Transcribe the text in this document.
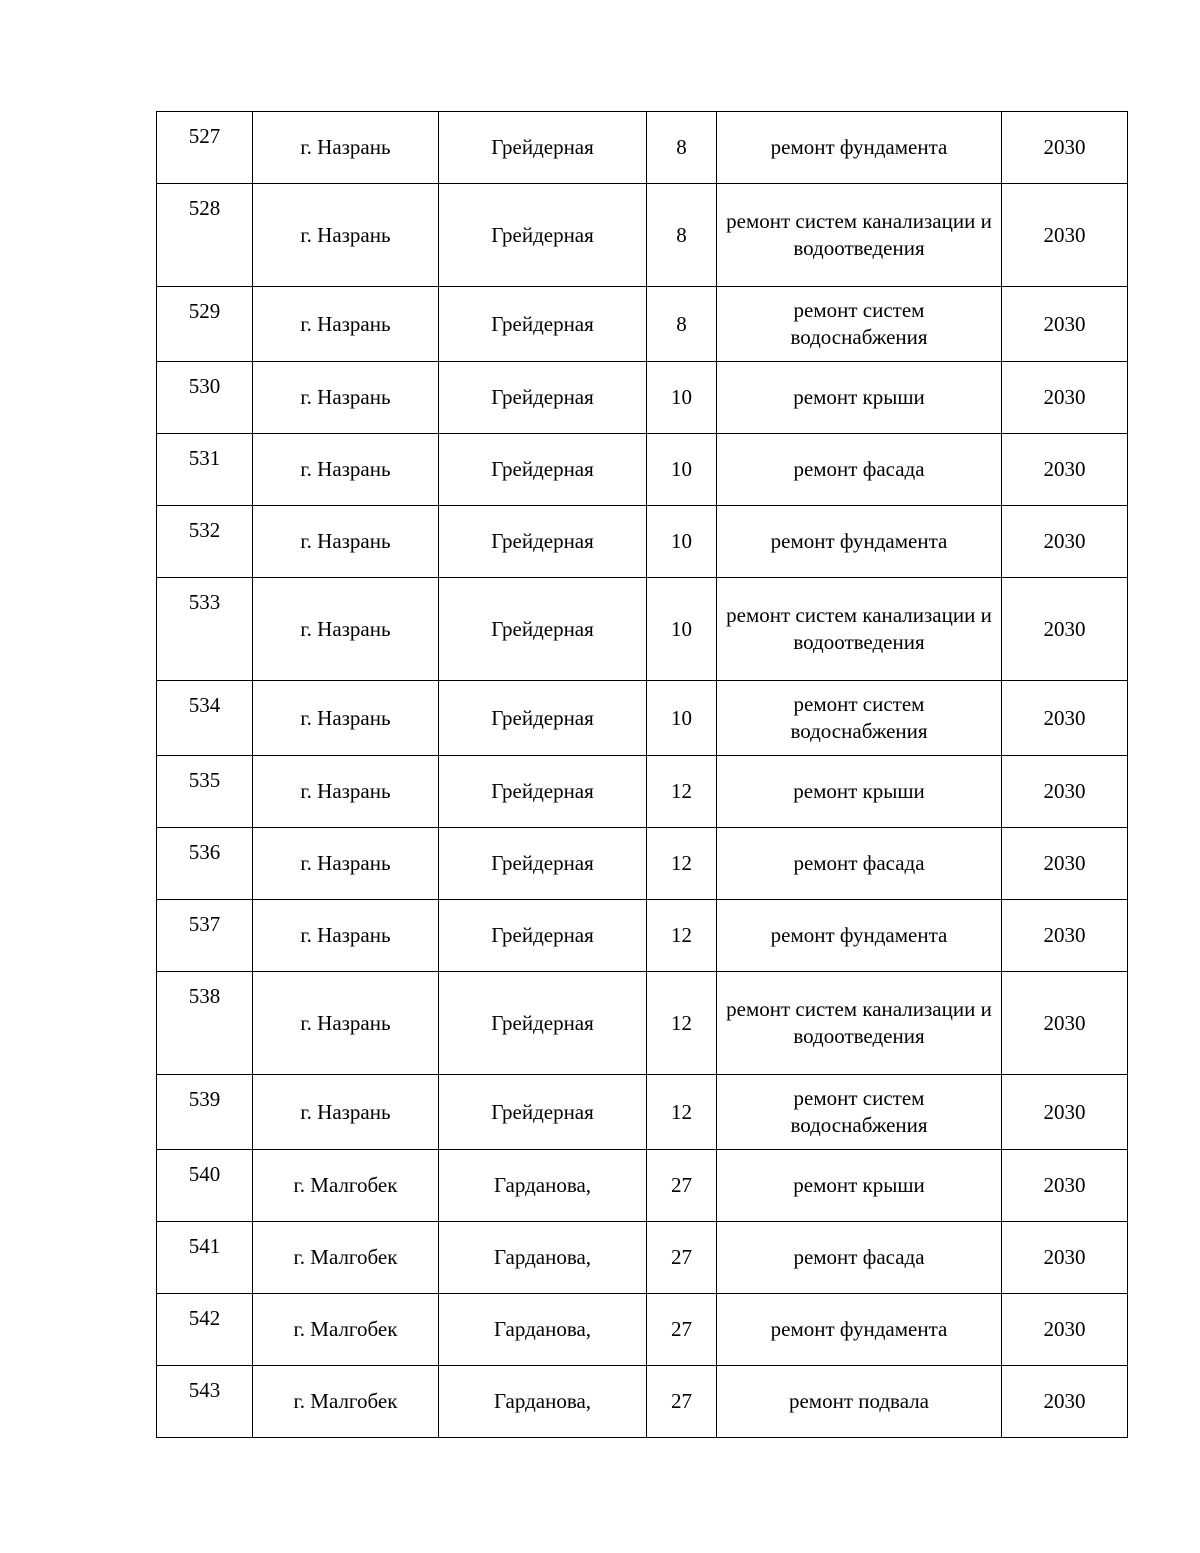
527	г. Назрань	Грейдерная	8	ремонт фундамента	2030
528	г. Назрань	Грейдерная	8	ремонт систем канализации и водоотведения	2030
529	г. Назрань	Грейдерная	8	ремонт систем водоснабжения	2030
530	г. Назрань	Грейдерная	10	ремонт крыши	2030
531	г. Назрань	Грейдерная	10	ремонт фасада	2030
532	г. Назрань	Грейдерная	10	ремонт фундамента	2030
533	г. Назрань	Грейдерная	10	ремонт систем канализации и водоотведения	2030
534	г. Назрань	Грейдерная	10	ремонт систем водоснабжения	2030
535	г. Назрань	Грейдерная	12	ремонт крыши	2030
536	г. Назрань	Грейдерная	12	ремонт фасада	2030
537	г. Назрань	Грейдерная	12	ремонт фундамента	2030
538	г. Назрань	Грейдерная	12	ремонт систем канализации и водоотведения	2030
539	г. Назрань	Грейдерная	12	ремонт систем водоснабжения	2030
540	г. Малгобек	Гарданова,	27	ремонт крыши	2030
541	г. Малгобек	Гарданова,	27	ремонт фасада	2030
542	г. Малгобек	Гарданова,	27	ремонт фундамента	2030
543	г. Малгобек	Гарданова,	27	ремонт подвала	2030
